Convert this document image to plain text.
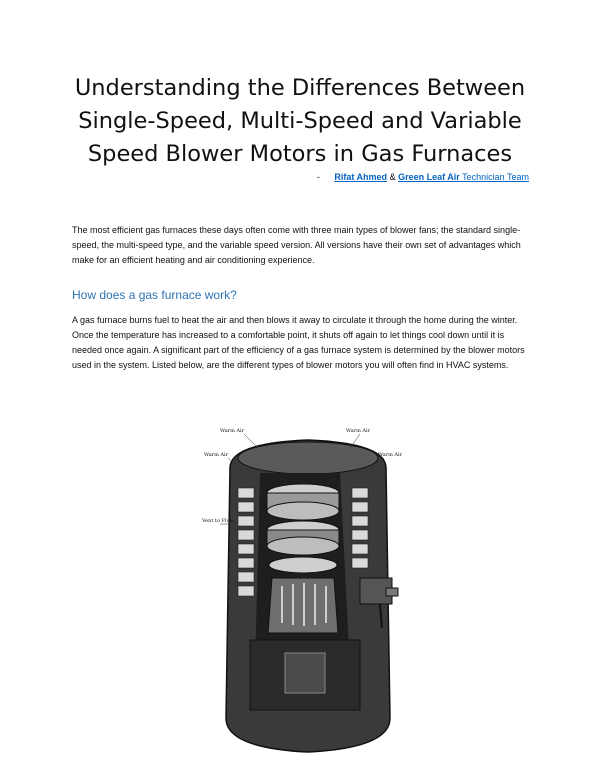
Understanding the Differences Between Single-Speed, Multi-Speed and Variable Speed Blower Motors in Gas Furnaces
- Rifat Ahmed & Green Leaf Air Technician Team

The most efficient gas furnaces these days often come with three main types of blower fans; the standard single-speed, the multi-speed type, and the variable speed version. All versions have their own set of advantages which make for an efficient heating and air conditioning experience.

How does a gas furnace work?

A gas furnace burns fuel to heat the air and then blows it away to circulate it through the home during the winter. Once the temperature has increased to a comfortable point, it shuts off again to let things cool down until it is needed once again. A significant part of the efficiency of a gas furnace system is determined by the blower motors used in the system. Listed below, are the different types of blower motors you will often find in HVAC systems.

Warm Air	Warm Air
Warm Air	Warm Air
Vent to Flue
